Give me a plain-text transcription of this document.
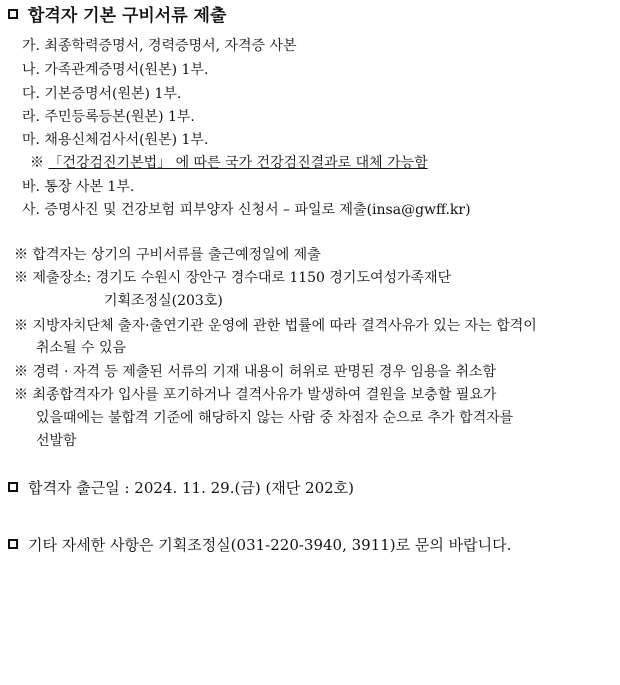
합격자 기본 구비서류 제출
가. 최종학력증명서, 경력증명서, 자격증 사본
나. 가족관계증명서(원본) 1부.
다. 기본증명서(원본) 1부.
라. 주민등록등본(원본) 1부.
마. 채용신체검사서(원본) 1부.
※ 「건강검진기본법」 에 따른 국가 건강검진결과로 대체 가능함
바. 통장 사본 1부.
사. 증명사진 및 건강보험 피부양자 신청서 – 파일로 제출(insa@gwff.kr)
※ 합격자는 상기의 구비서류를 출근예정일에 제출
※ 제출장소: 경기도 수원시 장안구 경수대로 1150 경기도여성가족재단
기획조정실(203호)
※ 지방자치단체 출자·출연기관 운영에 관한 법률에 따라 결격사유가 있는 자는 합격이
취소될 수 있음
※ 경력 · 자격 등 제출된 서류의 기재 내용이 허위로 판명된 경우 임용을 취소함
※ 최종합격자가 입사를 포기하거나 결격사유가 발생하여 결원을 보충할 필요가
있을때에는 불합격 기준에 해당하지 않는 사람 중 차점자 순으로 추가 합격자를
선발함
합격자 출근일 : 2024. 11. 29.(금) (재단 202호)
기타 자세한 사항은 기획조정실(031-220-3940, 3911)로 문의 바랍니다.
